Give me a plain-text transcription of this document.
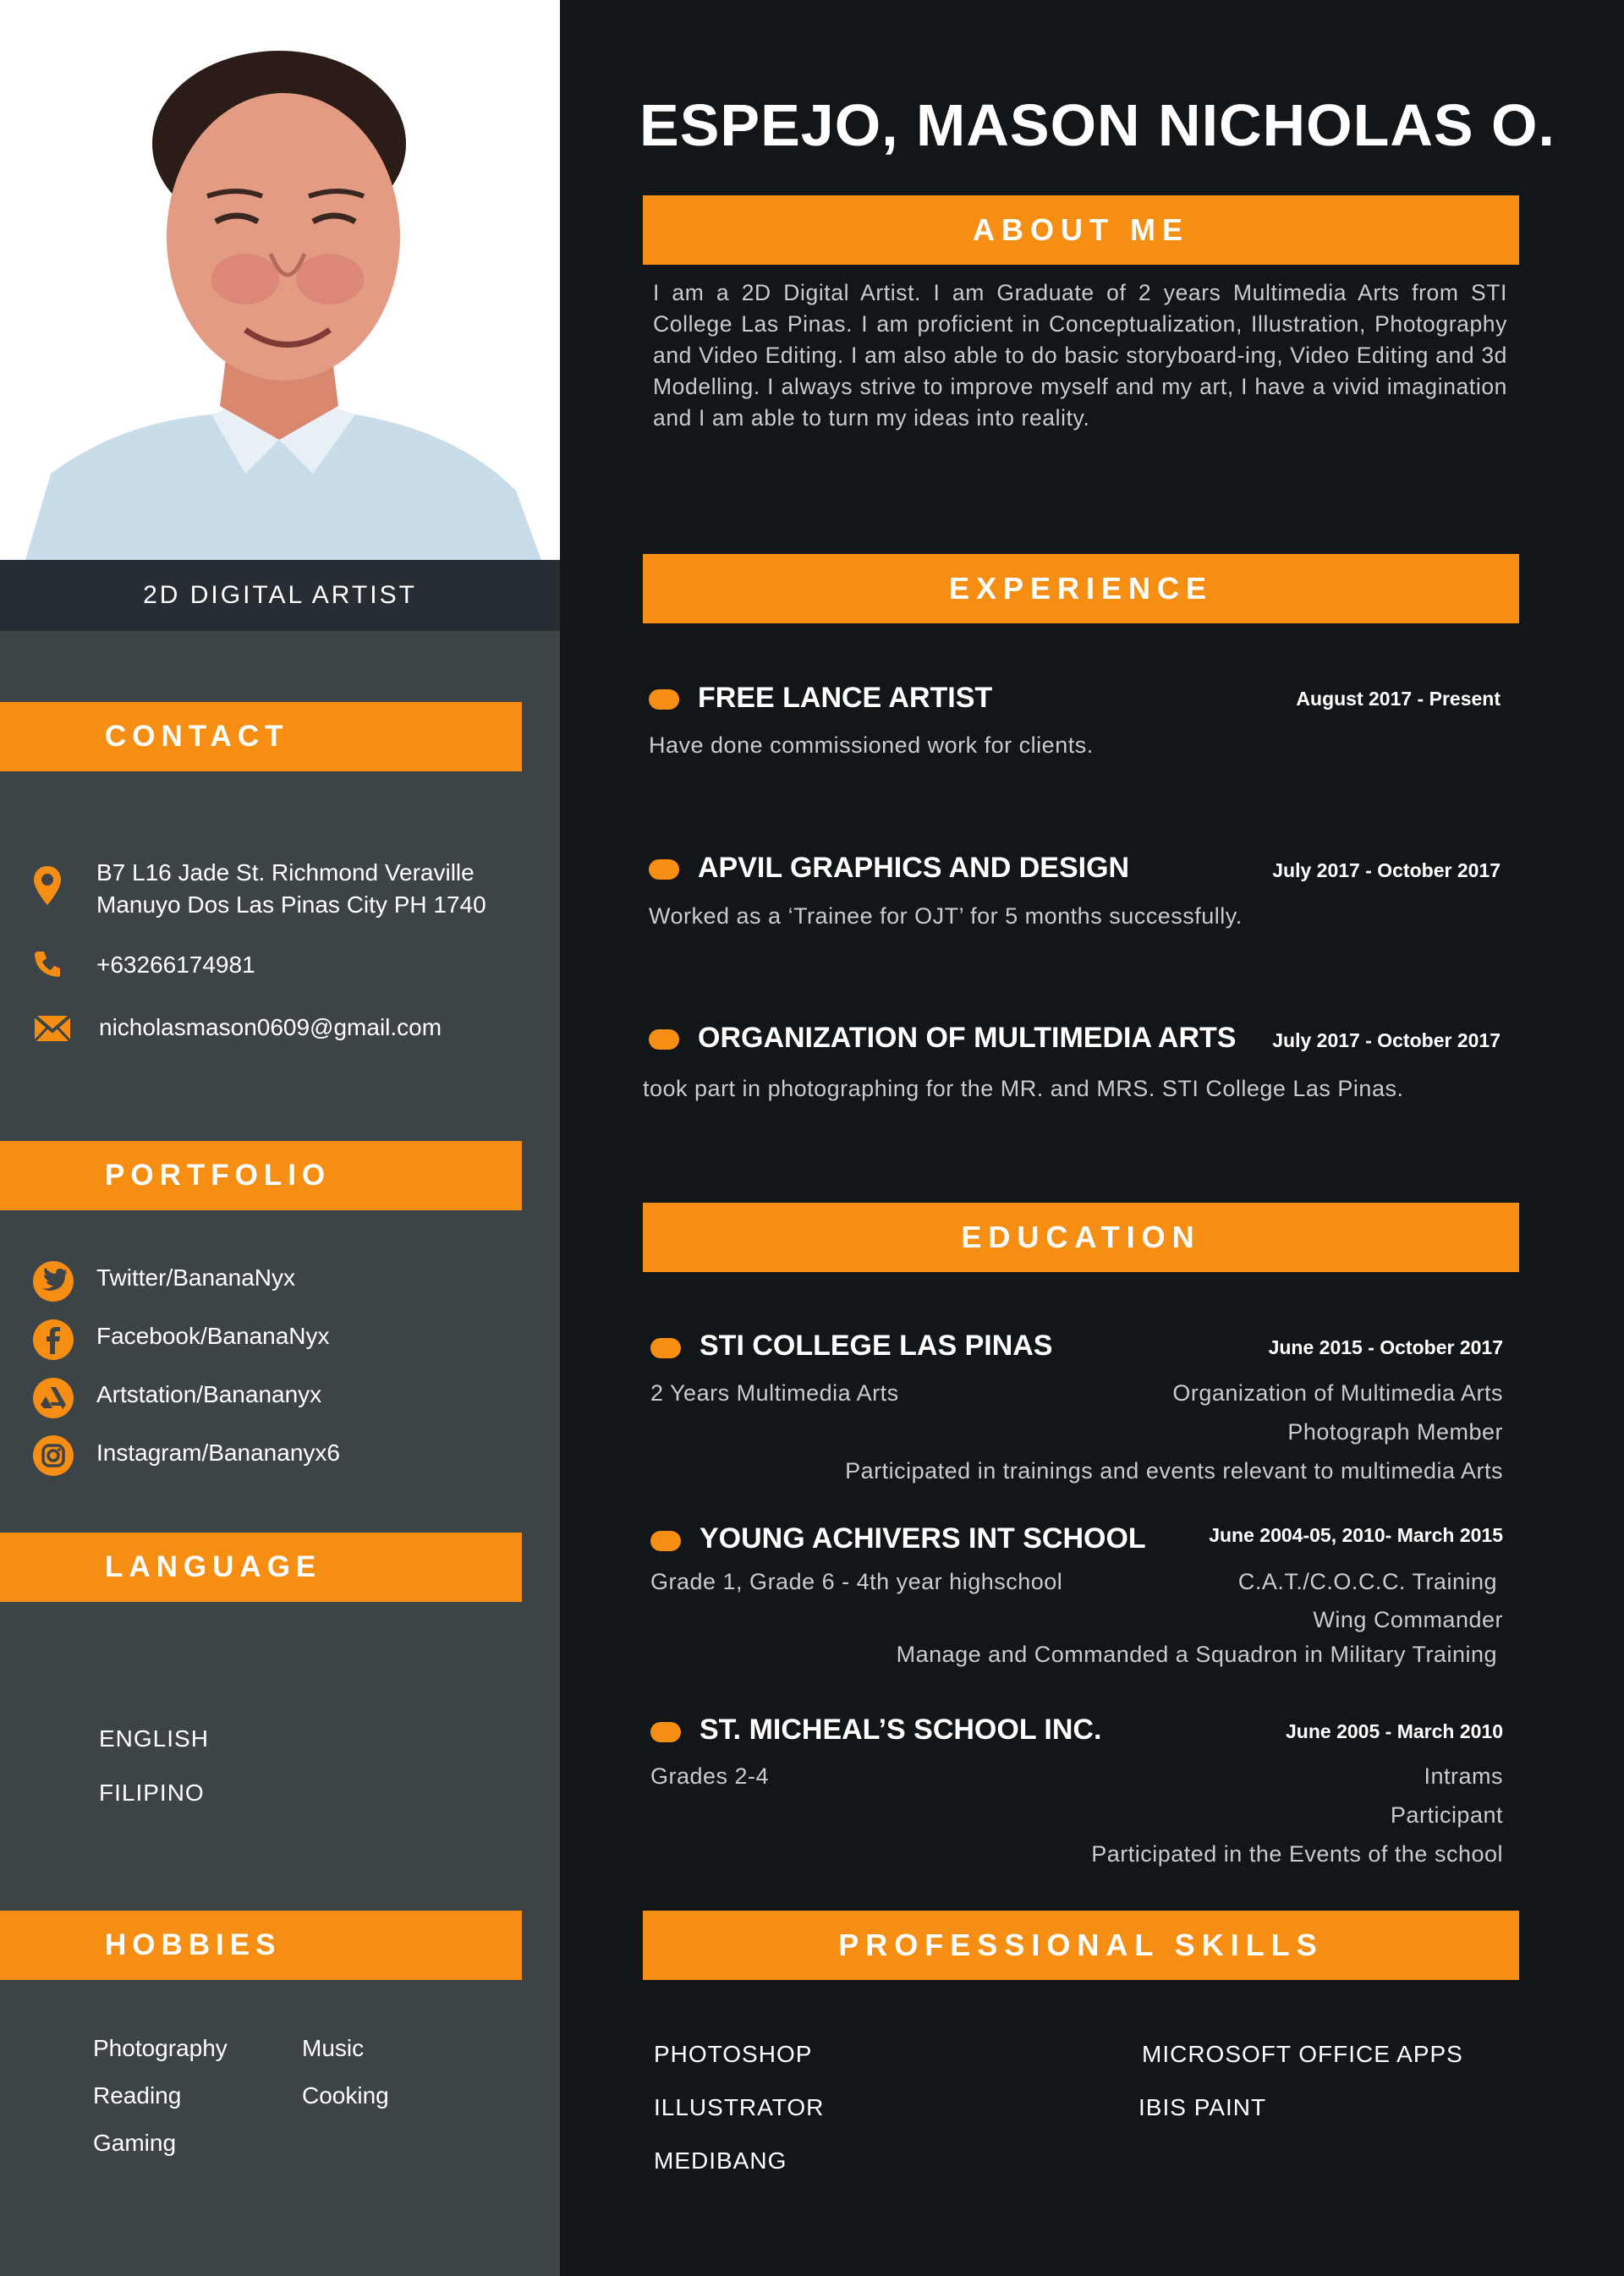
2D DIGITAL ARTIST
CONTACT
B7 L16 Jade St. Richmond Veraville
Manuyo Dos Las Pinas City PH 1740
+63266174981
nicholasmason0609@gmail.com
PORTFOLIO
Twitter/BananaNyx
Facebook/BananaNyx
Artstation/Banananyx
Instagram/Banananyx6
LANGUAGE
ENGLISH
FILIPINO
HOBBIES
Photography	Music
Reading	Cooking
Gaming
ESPEJO, MASON NICHOLAS O.
ABOUT ME
I am a 2D Digital Artist. I am Graduate of 2 years Multimedia Arts from STI College Las Pinas. I am proficient in Conceptualization, Illustration, Photography and Video Editing. I am also able to do basic storyboard-ing, Video Editing and 3d Modelling. I always strive to improve myself and my art, I have a vivid imagination and I am able to turn my ideas into reality.
EXPERIENCE
FREE LANCE ARTIST	August 2017 - Present
Have done commissioned work for clients.
APVIL GRAPHICS AND DESIGN	July 2017 - October 2017
Worked as a ‘Trainee for OJT’ for 5 months successfully.
ORGANIZATION OF MULTIMEDIA ARTS July 2017 - October 2017
took part in photographing for the MR. and MRS. STI College Las Pinas.
EDUCATION
STI COLLEGE LAS PINAS	June 2015 - October 2017
2 Years Multimedia Arts	Organization of Multimedia Arts
Photograph Member
Participated in trainings and events relevant to multimedia Arts
YOUNG ACHIVERS INT SCHOOL	June 2004-05, 2010- March 2015
Grade 1, Grade 6 - 4th year highschool	C.A.T./C.O.C.C. Training
Wing Commander
Manage and Commanded a Squadron in Military Training
ST. MICHEAL’S SCHOOL INC.	June 2005 - March 2010
Grades 2-4	Intrams
Participant
Participated in the Events of the school
PROFESSIONAL SKILLS
PHOTOSHOP	MICROSOFT OFFICE APPS
ILLUSTRATOR	IBIS PAINT
MEDIBANG
